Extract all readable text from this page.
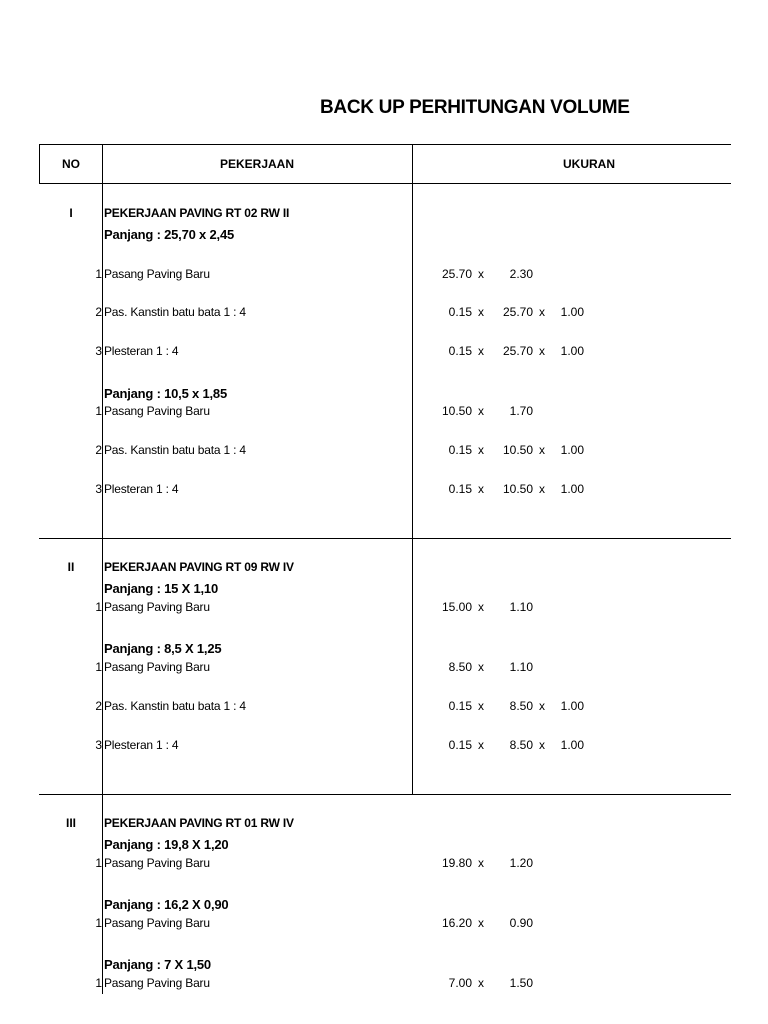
BACK UP PERHITUNGAN VOLUME
NO	PEKERJAAN	UKURAN
I	PEKERJAAN PAVING RT 02 RW II
Panjang : 25,70 x 2,45
1 Pasang Paving Baru	25.70 x	2.30
2 Pas. Kanstin batu bata 1 : 4	0.15 x	25.70 x	1.00
3 Plesteran 1 : 4	0.15 x	25.70 x	1.00
Panjang : 10,5 x 1,85
1 Pasang Paving Baru	10.50 x	1.70
2 Pas. Kanstin batu bata 1 : 4	0.15 x	10.50 x	1.00
3 Plesteran 1 : 4	0.15 x	10.50 x	1.00
II PEKERJAAN PAVING RT 09 RW IV
Panjang : 15 X 1,10
1 Pasang Paving Baru	15.00 x	1.10
Panjang : 8,5 X 1,25
1 Pasang Paving Baru	8.50 x	1.10
2 Pas. Kanstin batu bata 1 : 4	0.15 x	8.50 x	1.00
3 Plesteran 1 : 4	0.15 x	8.50 x	1.00
III PEKERJAAN PAVING RT 01 RW IV
Panjang : 19,8 X 1,20
1 Pasang Paving Baru	19.80 x	1.20
Panjang : 16,2 X 0,90
1 Pasang Paving Baru	16.20 x	0.90
Panjang : 7 X 1,50
1 Pasang Paving Baru	7.00 x	1.50
